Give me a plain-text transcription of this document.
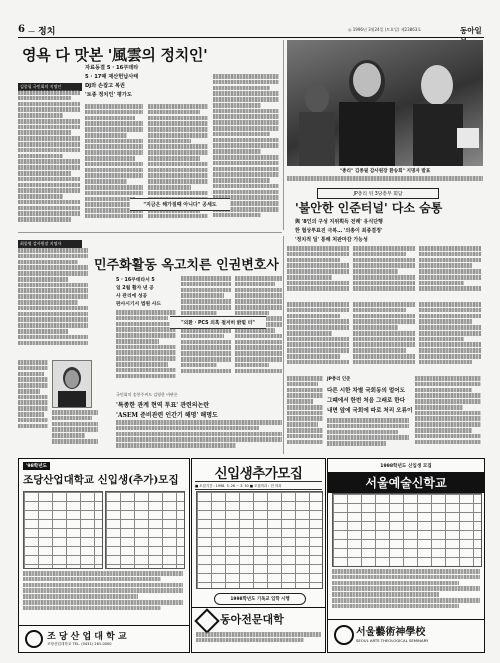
6 — 정치	◎ 1996년 3월24일 (토요일) 제23863호	동아일
영욕 다 맛본 '風雲의 정치인'
김종필 국민회의 지명인
자료동결 5 · 16쿠데타
5 · 17때 재산헌납사태
DJ와 손잡고 복권
'토종 정치인' 평가도
"지금은 해가질때 아니다" 공세도
"총리" 김종필 감사원장 환송회" 지명자 발표
JP총리 뒤 3당총무 회담
'불안한 인준터널' 다소 숨통
與 '8인의 구성 지위획득 전례' 유식단행
한 협상투표진 극복… '의총이 최종결정'
'정치적 딜' 통해 처판마감 가능성
최종영 감사원장 지명자
민주화활동 옥고치른 인권변호사
5 · 16쿠데타서 5
일 2월 활자 낸 공
사 관리에 성공
판사시기서 법원 사드
"외환 · PCS 의혹 철저히 밝힐 터"
국민회의 송봉주씨도 김영한 비판론
'특종한 관계 현역 투표' 관련의논란
'ASEM 준비관련 인간기 해명' 해명도
JP총리 인준
다른 시한 차별 국회동의 멀어도
그떄에서 한번 처음 그래로 한다
내면 앞에 국회에 따로 처리 오류이
'98학년도
조당산업대학교 신입생(추가)모집
조 당 산 업 대 학 교
조당산업대학교 TEL. (0431) 261-0000
신입생추가모집
■ 모집기간 : 1998. 3. 26 ~ 3. 30 ■ 모집학과 : 전 학과
1998학년도 기독교 입학 시행
동아전문대학
1998학년도 신입생 모집
서울예술신학교
서울藝術神學校
SEOUL ARTS THEOLOGICAL SEMINARY
